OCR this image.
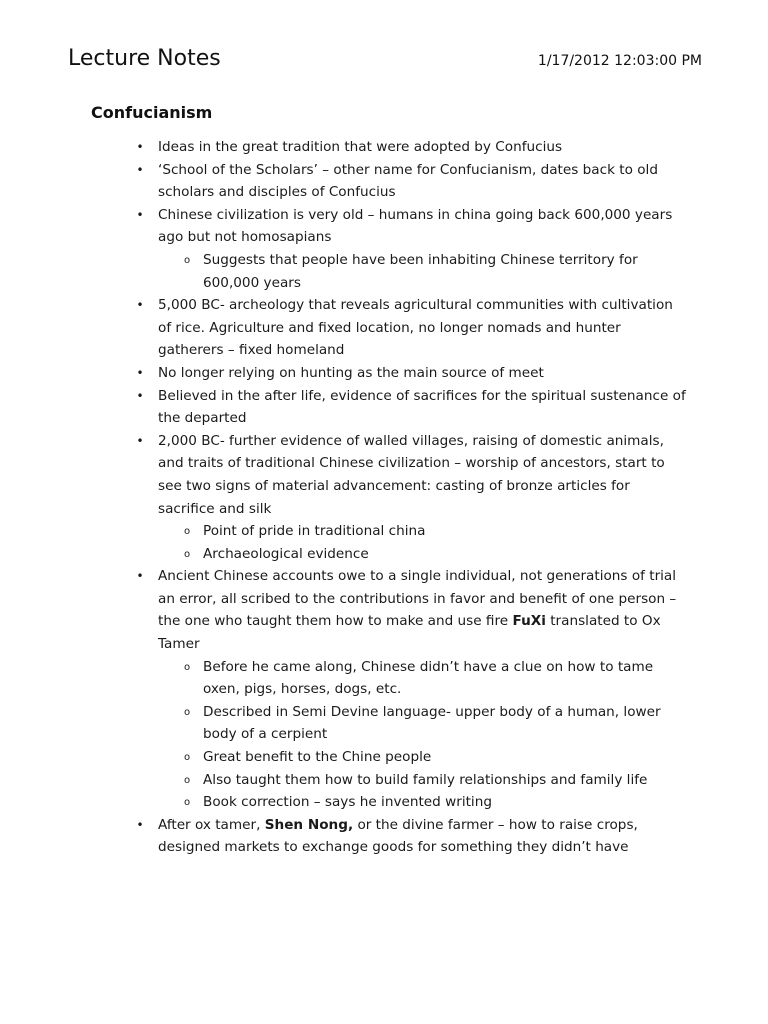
Lecture Notes	1/17/2012 12:03:00 PM
Confucianism
• Ideas in the great tradition that were adopted by Confucius
• ‘School of the Scholars’ – other name for Confucianism, dates back to old scholars and disciples of Confucius
• Chinese civilization is very old – humans in china going back 600,000 years ago but not homosapians
o Suggests that people have been inhabiting Chinese territory for 600,000 years
• 5,000 BC- archeology that reveals agricultural communities with cultivation of rice. Agriculture and fixed location, no longer nomads and hunter gatherers – fixed homeland
• No longer relying on hunting as the main source of meet
• Believed in the after life, evidence of sacrifices for the spiritual sustenance of the departed
• 2,000 BC- further evidence of walled villages, raising of domestic animals, and traits of traditional Chinese civilization – worship of ancestors, start to see two signs of material advancement: casting of bronze articles for sacrifice and silk
o Point of pride in traditional china
o Archaeological evidence
• Ancient Chinese accounts owe to a single individual, not generations of trial an error, all scribed to the contributions in favor and benefit of one person – the one who taught them how to make and use fire FuXi translated to Ox Tamer
o Before he came along, Chinese didn’t have a clue on how to tame oxen, pigs, horses, dogs, etc.
o Described in Semi Devine language- upper body of a human, lower body of a cerpient
o Great benefit to the Chine people
o Also taught them how to build family relationships and family life
o Book correction – says he invented writing
• After ox tamer, Shen Nong, or the divine farmer – how to raise crops, designed markets to exchange goods for something they didn’t have
